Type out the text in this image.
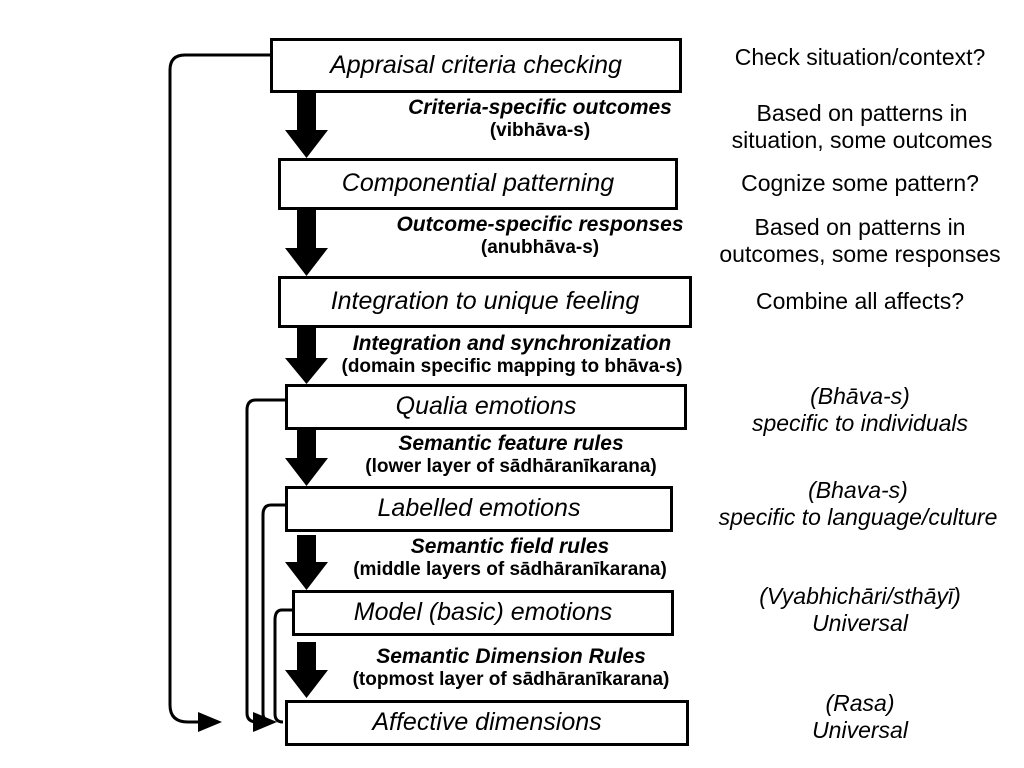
Appraisal criteria checking
Componential patterning
Integration to unique feeling
Qualia emotions
Labelled emotions
Model (basic) emotions
Affective dimensions
Criteria-specific outcomes
(vibhāva-s)
Outcome-specific responses
(anubhāva-s)
Integration and synchronization
(domain specific mapping to bhāva-s)
Semantic feature rules
(lower layer of sādhāranīkarana)
Semantic field rules
(middle layers of sādhāranīkarana)
Semantic Dimension Rules
(topmost layer of sādhāranīkarana)
Check situation/context?
Based on patterns in
situation, some outcomes
Cognize some pattern?
Based on patterns in
outcomes, some responses
Combine all affects?
(Bhāva-s)
specific to individuals
(Bhava-s)
specific to language/culture
(Vyabhichāri/sthāyī)
Universal
(Rasa)
Universal
